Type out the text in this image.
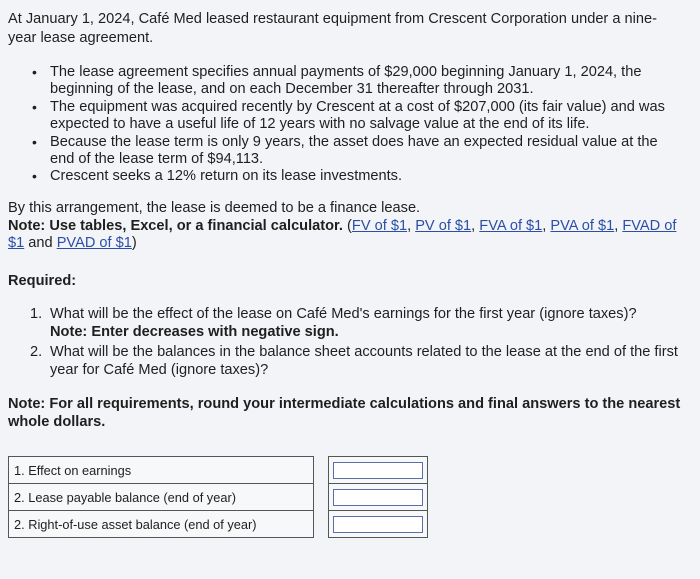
At January 1, 2024, Café Med leased restaurant equipment from Crescent Corporation under a nine-year lease agreement.
• The lease agreement specifies annual payments of $29,000 beginning January 1, 2024, the beginning of the lease, and on each December 31 thereafter through 2031.
• The equipment was acquired recently by Crescent at a cost of $207,000 (its fair value) and was expected to have a useful life of 12 years with no salvage value at the end of its life.
• Because the lease term is only 9 years, the asset does have an expected residual value at the end of the lease term of $94,113.
• Crescent seeks a 12% return on its lease investments.
By this arrangement, the lease is deemed to be a finance lease.
Note: Use tables, Excel, or a financial calculator. (FV of $1, PV of $1, FVA of $1, PVA of $1, FVAD of $1 and PVAD of $1)
Required:
1. What will be the effect of the lease on Café Med's earnings for the first year (ignore taxes)?
Note: Enter decreases with negative sign.
2. What will be the balances in the balance sheet accounts related to the lease at the end of the first year for Café Med (ignore taxes)?
Note: For all requirements, round your intermediate calculations and final answers to the nearest whole dollars.
1. Effect on earnings		
2. Lease payable balance (end of year)		
2. Right-of-use asset balance (end of year)		
